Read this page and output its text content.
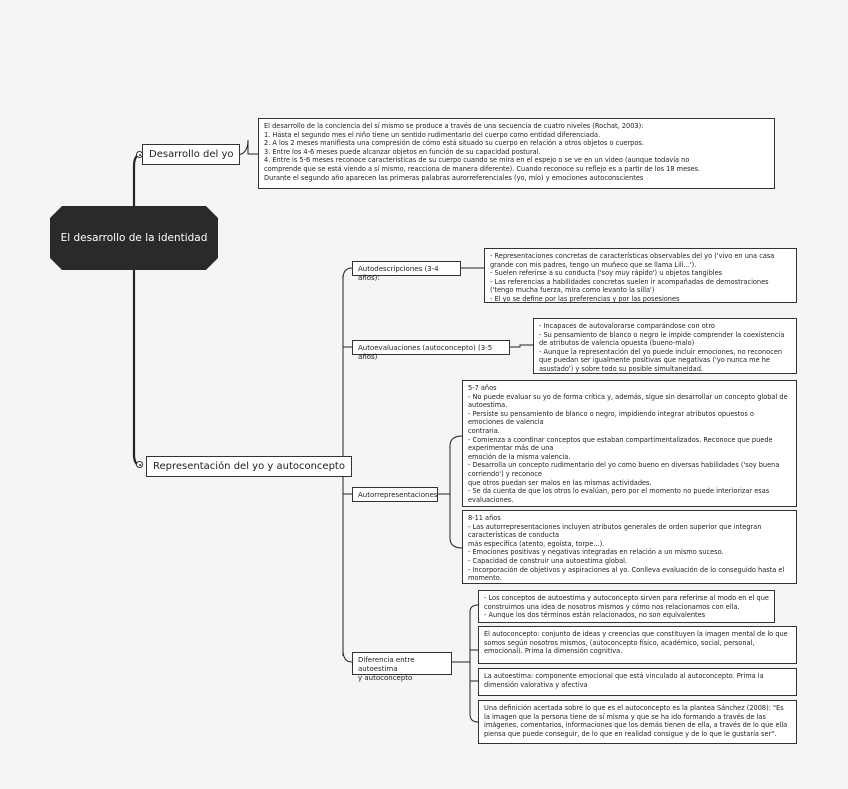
El desarrollo de la identidad
Desarrollo del yo
El desarrollo de la conciencia del sí mismo se produce a través de una secuencia de cuatro niveles (Rochat, 2003):
1. Hasta el segundo mes el niño tiene un sentido rudimentario del cuerpo como entidad diferenciada.
2. A los 2 meses manifiesta una compresión de cómo está situado su cuerpo en relación a otros objetos o cuerpos.
3. Entre los 4-6 meses puede alcanzar objetos en función de su capacidad postural.
4. Entre is 5-6 meses reconoce características de su cuerpo cuando se mira en el espejo o se ve en un video (aunque todavía no
comprende que se está viendo a sí mismo, reacciona de manera diferente). Cuando reconoce su reflejo es a partir de los 18 meses.
Durante el segundo año aparecen las primeras palabras aurorreferenciales (yo, mío) y emociones autoconscientes
Representación del yo y autoconcepto
Autodescripciones (3-4 años):
- Representaciones concretas de características observables del yo ('vivo en una casa grande con mis padres, tengo un muñeco que se llama Lili...').
- Suelen referirse a su conducta ('soy muy rápido') u objetos tangibles
- Las referencias a habilidades concretas suelen ir acompañadas de demostraciones ('tengo mucha fuerza, mira como levanto la silla')
- El yo se define por las preferencias y por las posesiones
Autoevaluaciones (autoconcepto) (3-5 años)
- Incapaces de autovalorarse comparándose con otro
- Su pensamiento de blanco o negro le impide comprender la coexistencia de atributos de valencia opuesta (bueno-malo)
- Aunque la representación del yo puede incluir emociones, no reconocen que puedan ser igualmente positivas que negativas ('yo nunca me he asustado') y sobre todo su posible simultaneidad.
Autorrepresentaciones
5-7 años
- No puede evaluar su yo de forma crítica y, además, sigue sin desarrollar un concepto global de autoestima.
- Persiste su pensamiento de blanco o negro, impidiendo integrar atributos opuestos o emociones de valencia
contraria.
- Comienza a coordinar conceptos que estaban compartimentalizados. Reconoce que puede experimentar más de una
emoción de la misma valencia.
- Desarrolla un concepto rudimentario del yo como bueno en diversas habilidades ('soy buena corriendo') y reconoce
que otros puedan ser malos en las mismas actividades.
- Se da cuenta de que los otros lo evalúan, pero por el momento no puede interiorizar esas evaluaciones.
8-11 años
- Las autorrepresentaciones incluyen atributos generales de orden superior que integran características de conducta
más específica (atento, egoísta, torpe...).
- Emociones positivas y negativas integradas en relación a un mismo suceso.
- Capacidad de construir una autoestima global.
- Incorporación de objetivos y aspiraciones al yo. Conlleva evaluación de lo conseguido hasta el momento.
Diferencia entre autoestima
y autoconcepto
- Los conceptos de autoestima y autoconcepto sirven para referirse al modo en el que construimos una idea de nosotros mismos y cómo nos relacionamos con ella.
- Aunque los dos términos están relacionados, no son equivalentes
El autoconcepto: conjunto de ideas y creencias que constituyen la imagen mental de lo que somos según nosotros mismos, (autoconcepto físico, académico, social, personal, emocional). Prima la dimensión cognitiva.
La autoestima: componente emocional que está vinculado al autoconcepto. Prima la dimensión valorativa y afectiva
Una definición acertada sobre lo que es el autoconcepto es la plantea Sánchez (2008): "Es la imagen que la persona tiene de sí misma y que se ha ido formando a través de las imágenes, comentarios, informaciones que los demás tienen de ella, a través de lo que ella piensa que puede conseguir, de lo que en realidad consigue y de lo que le gustaría ser".
